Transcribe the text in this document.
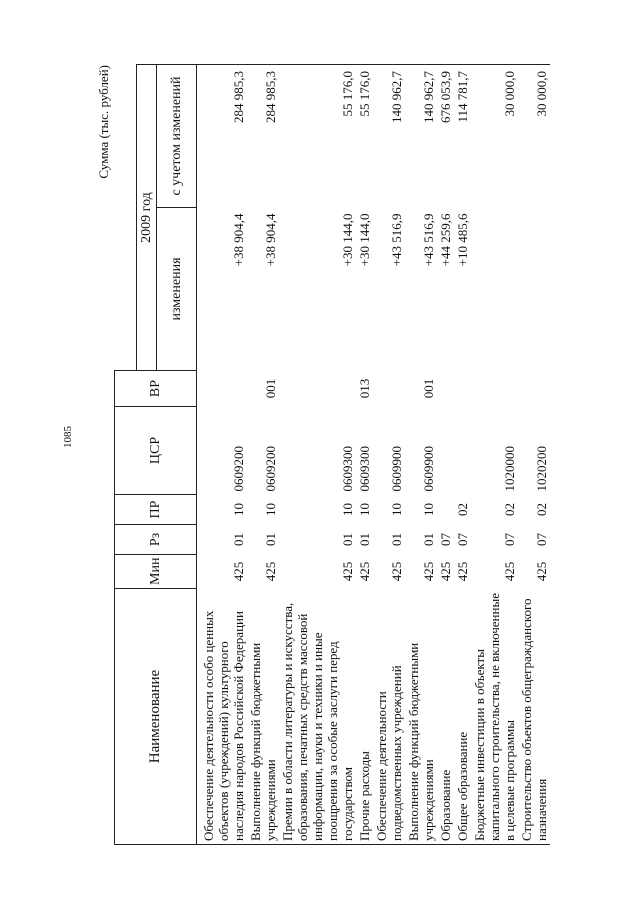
1085
Сумма (тыс. рублей)
Наименование	Мин	Рз	ПР	ЦСР	ВР		
						2009 год	
						изменения	с учетом изменений
Обеспечение деятельности особо ценных объектов (учреждений) культурного наследия народов Российской Федерации	425	01	10	0609200		+38 904,4	284 985,3
Выполнение функций бюджетными учреждениями	425	01	10	0609200	001	+38 904,4	284 985,3
Премии в области литературы и искусства, образования, печатных средств массовой информации, науки и техники и иные поощрения за особые заслуги перед государством	425	01	10	0609300		+30 144,0	55 176,0
Прочие расходы	425	01	10	0609300	013	+30 144,0	55 176,0
Обеспечение деятельности подведомственных учреждений	425	01	10	0609900		+43 516,9	140 962,7
Выполнение функций бюджетными учреждениями	425	01	10	0609900	001	+43 516,9	140 962,7
Образование	425	07				+44 259,6	676 053,9
Общее образование	425	07	02			+10 485,6	114 781,7
Бюджетные инвестиции в объекты капитального строительства, не включенные в целевые программы	425	07	02	1020000			30 000,0
Строительство объектов общегражданского назначения	425	07	02	1020200			30 000,0
